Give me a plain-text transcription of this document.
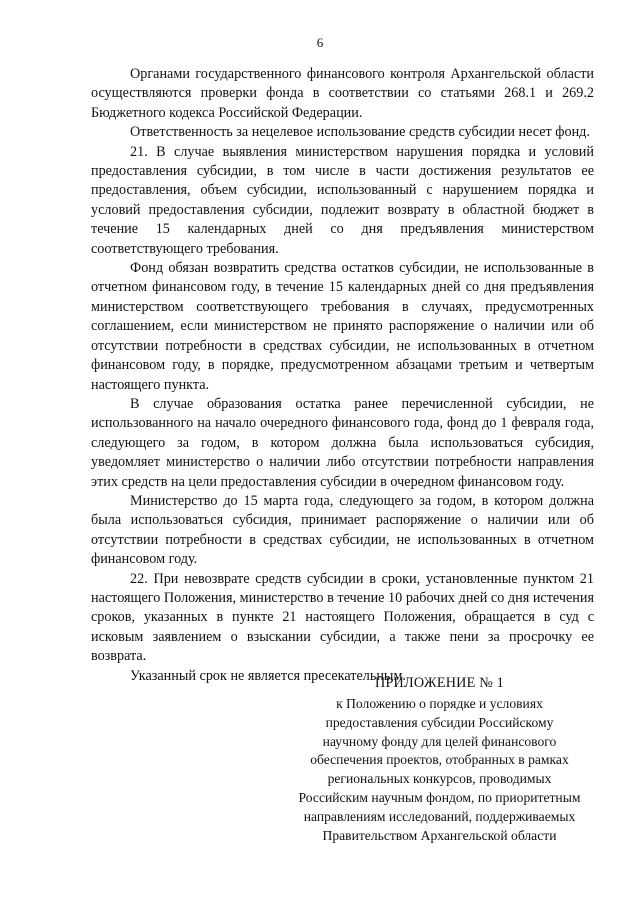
6

Органами государственного финансового контроля Архангельской области осуществляются проверки фонда в соответствии со статьями 268.1 и 269.2 Бюджетного кодекса Российской Федерации.

Ответственность за нецелевое использование средств субсидии несет фонд.

21. В случае выявления министерством нарушения порядка и условий предоставления субсидии, в том числе в части достижения результатов ее предоставления, объем субсидии, использованный с нарушением порядка и условий предоставления субсидии, подлежит возврату в областной бюджет в течение 15 календарных дней со дня предъявления министерством соответствующего требования.

Фонд обязан возвратить средства остатков субсидии, не использованные в отчетном финансовом году, в течение 15 календарных дней со дня предъявления министерством соответствующего требования в случаях, предусмотренных соглашением, если министерством не принято распоряжение о наличии или об отсутствии потребности в средствах субсидии, не использованных в отчетном финансовом году, в порядке, предусмотренном абзацами третьим и четвертым настоящего пункта.

В случае образования остатка ранее перечисленной субсидии, не использованного на начало очередного финансового года, фонд до 1 февраля года, следующего за годом, в котором должна была использоваться субсидия, уведомляет министерство о наличии либо отсутствии потребности направления этих средств на цели предоставления субсидии в очередном финансовом году.

Министерство до 15 марта года, следующего за годом, в котором должна была использоваться субсидия, принимает распоряжение о наличии или об отсутствии потребности в средствах субсидии, не использованных в отчетном финансовом году.

22. При невозврате средств субсидии в сроки, установленные пунктом 21 настоящего Положения, министерство в течение 10 рабочих дней со дня истечения сроков, указанных в пункте 21 настоящего Положения, обращается в суд с исковым заявлением о взыскании субсидии, а также пени за просрочку ее возврата.

Указанный срок не является пресекательным.

ПРИЛОЖЕНИЕ № 1
к Положению о порядке и условиях
предоставления субсидии Российскому
научному фонду для целей финансового
обеспечения проектов, отобранных в рамках
региональных конкурсов, проводимых
Российским научным фондом, по приоритетным
направлениям исследований, поддерживаемых
Правительством Архангельской области
